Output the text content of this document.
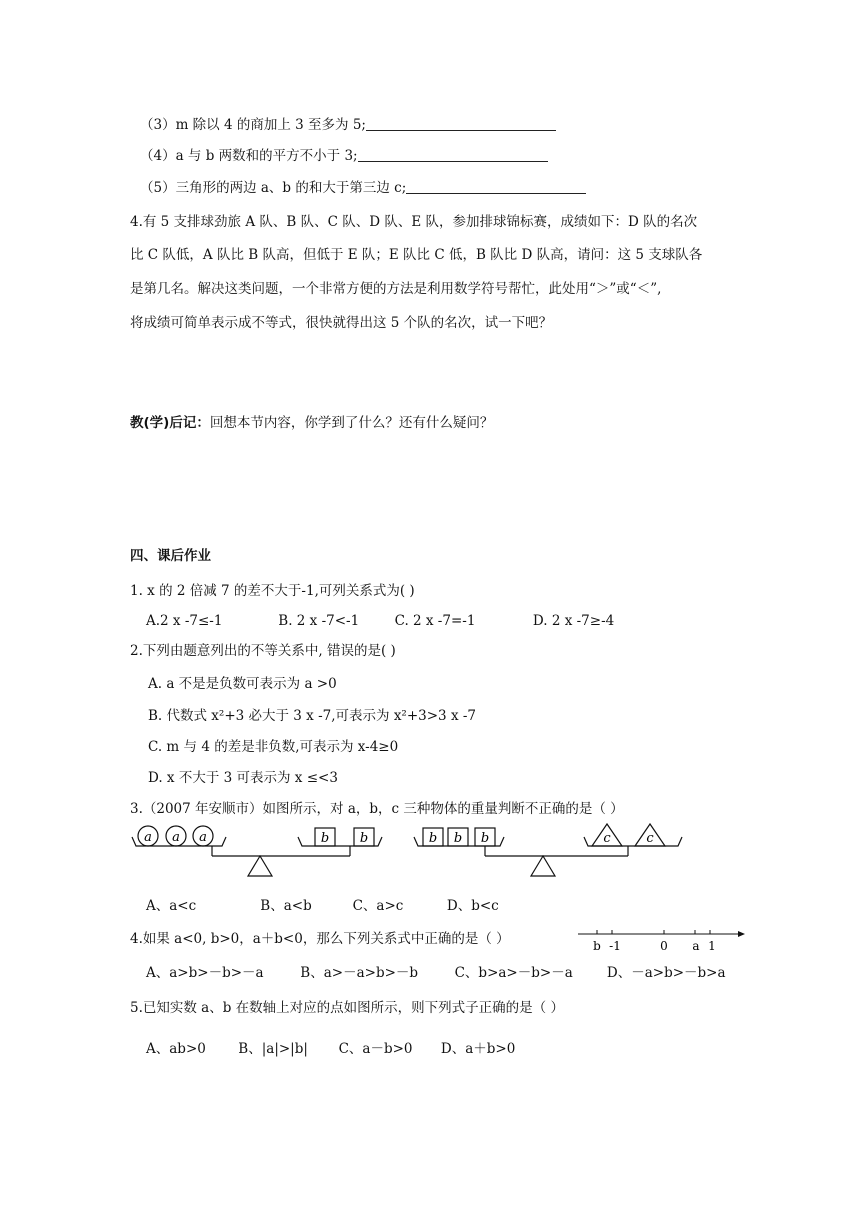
（3）m 除以 4 的商加上 3 至多为 5;
（4）a 与 b 两数和的平方不小于 3;
（5）三角形的两边 a、b 的和大于第三边 c;
4.有 5 支排球劲旅 A 队、B 队、C 队、D 队、E 队，参加排球锦标赛，成绩如下：D 队的名次
比 C 队低，A 队比 B 队高，但低于 E 队；E 队比 C 低，B 队比 D 队高，请问：这 5 支球队各
是第几名。解决这类问题，一个非常方便的方法是利用数学符号帮忙，此处用“＞”或“＜”,
将成绩可简单表示成不等式，很快就得出这 5 个队的名次，试一下吧？
教(学)后记：回想本节内容，你学到了什么？还有什么疑问？
四、课后作业
1. x 的 2 倍减 7 的差不大于-1,可列关系式为( )
A.2 x -7≤-1	B. 2 x -7<-1	C. 2 x -7=-1	D. 2 x -7≥-4
2.下列由题意列出的不等关系中, 错误的是( )
A. a 不是是负数可表示为 a >0
B. 代数式 x²+3 必大于 3 x -7,可表示为 x²+3>3 x -7
C. m 与 4 的差是非负数,可表示为 x-4≥0
D. x 不大于 3 可表示为 x ≤<3
3.（2007 年安顺市）如图所示，对 a，b，c 三种物体的重量判断不正确的是（ ）
a a a	b b	b b b	c	c
A、a<c	B、a<b	C、a>c	D、b<c
4.如果 a<0, b>0，a＋b<0，那么下列关系式中正确的是（ ）	b -1	0 a 1
A、a>b>－b>－a	B、a>－a>b>－b	C、b>a>－b>－a	D、－a>b>－b>a
5.已知实数 a、b 在数轴上对应的点如图所示，则下列式子正确的是（ ）
A、ab>0 B、|a|>|b| C、a－b>0 D、a＋b>0
